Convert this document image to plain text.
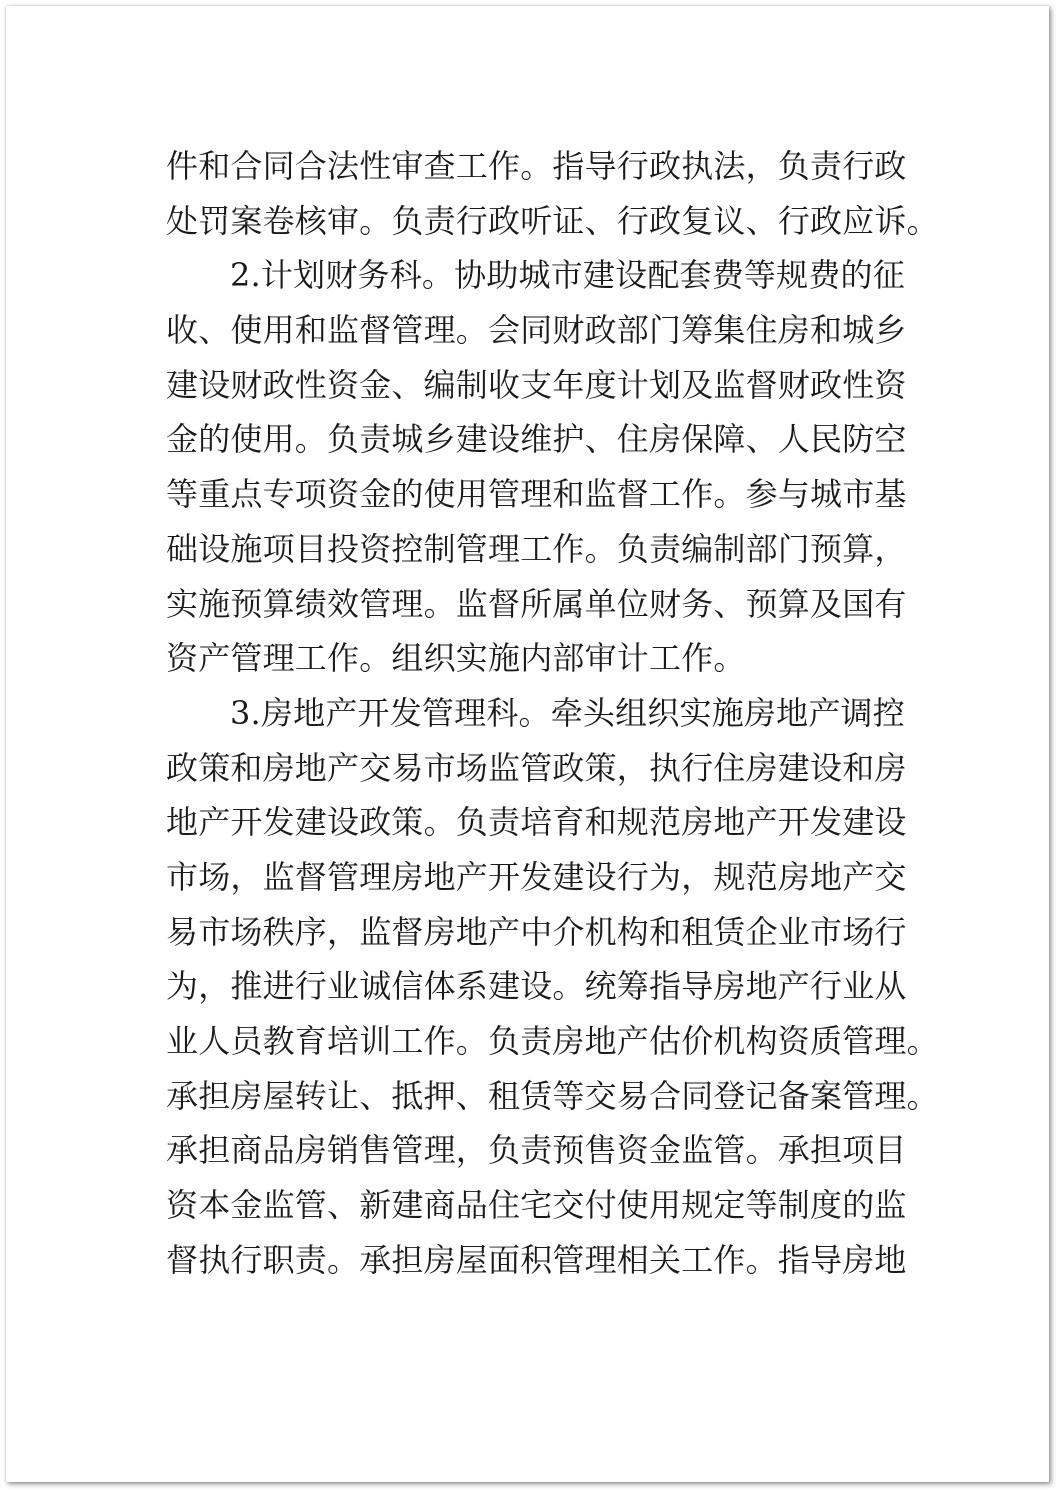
件和合同合法性审查工作。指导行政执法，负责行政
处罚案卷核审。负责行政听证、行政复议、行政应诉。
2.计划财务科。协助城市建设配套费等规费的征
收、使用和监督管理。会同财政部门筹集住房和城乡
建设财政性资金、编制收支年度计划及监督财政性资
金的使用。负责城乡建设维护、住房保障、人民防空
等重点专项资金的使用管理和监督工作。参与城市基
础设施项目投资控制管理工作。负责编制部门预算，
实施预算绩效管理。监督所属单位财务、预算及国有
资产管理工作。组织实施内部审计工作。
3.房地产开发管理科。牵头组织实施房地产调控
政策和房地产交易市场监管政策，执行住房建设和房
地产开发建设政策。负责培育和规范房地产开发建设
市场，监督管理房地产开发建设行为，规范房地产交
易市场秩序，监督房地产中介机构和租赁企业市场行
为，推进行业诚信体系建设。统筹指导房地产行业从
业人员教育培训工作。负责房地产估价机构资质管理。
承担房屋转让、抵押、租赁等交易合同登记备案管理。
承担商品房销售管理，负责预售资金监管。承担项目
资本金监管、新建商品住宅交付使用规定等制度的监
督执行职责。承担房屋面积管理相关工作。指导房地
